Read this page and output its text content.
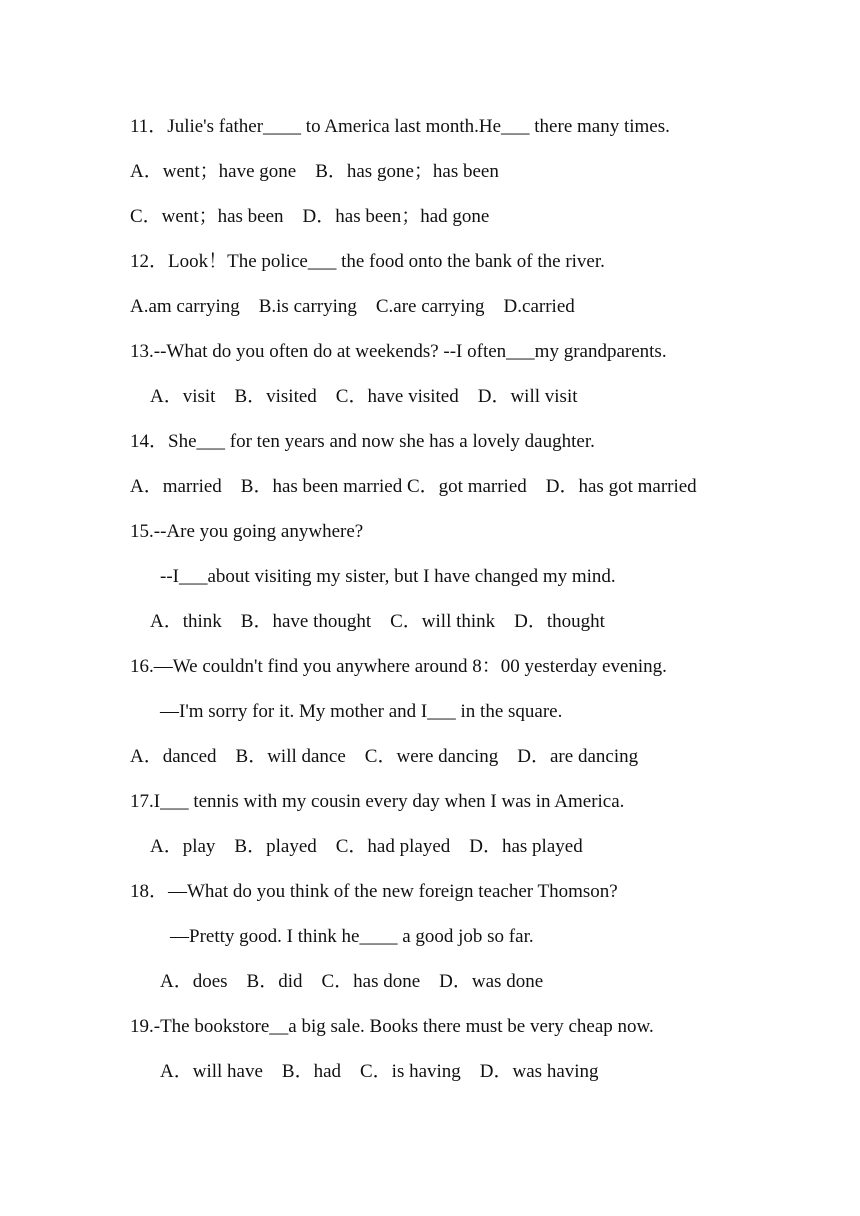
11．Julie's father____ to America last month.He___ there many times.
A．went；have gone    B．has gone；has been
C．went；has been    D．has been；had gone
12．Look！The police___ the food onto the bank of the river.
A.am carrying    B.is carrying    C.are carrying    D.carried
13.--What do you often do at weekends? --I often___my grandparents.
A．visit    B．visited    C．have visited    D．will visit
14．She___ for ten years and now she has a lovely daughter.
A．married    B．has been married C．got married    D．has got married
15.--Are you going anywhere?
--I___about visiting my sister, but I have changed my mind.
A．think    B．have thought    C．will think    D．thought
16.—We couldn't find you anywhere around 8：00 yesterday evening.
—I'm sorry for it. My mother and I___ in the square.
A．danced    B．will dance    C．were dancing    D．are dancing
17.I___ tennis with my cousin every day when I was in America.
A．play    B．played    C．had played    D．has played
18．—What do you think of the new foreign teacher Thomson?
—Pretty good. I think he____ a good job so far.
A．does    B．did    C．has done    D．was done
19.-The bookstore__a big sale. Books there must be very cheap now.
A．will have    B．had    C．is having    D．was having
